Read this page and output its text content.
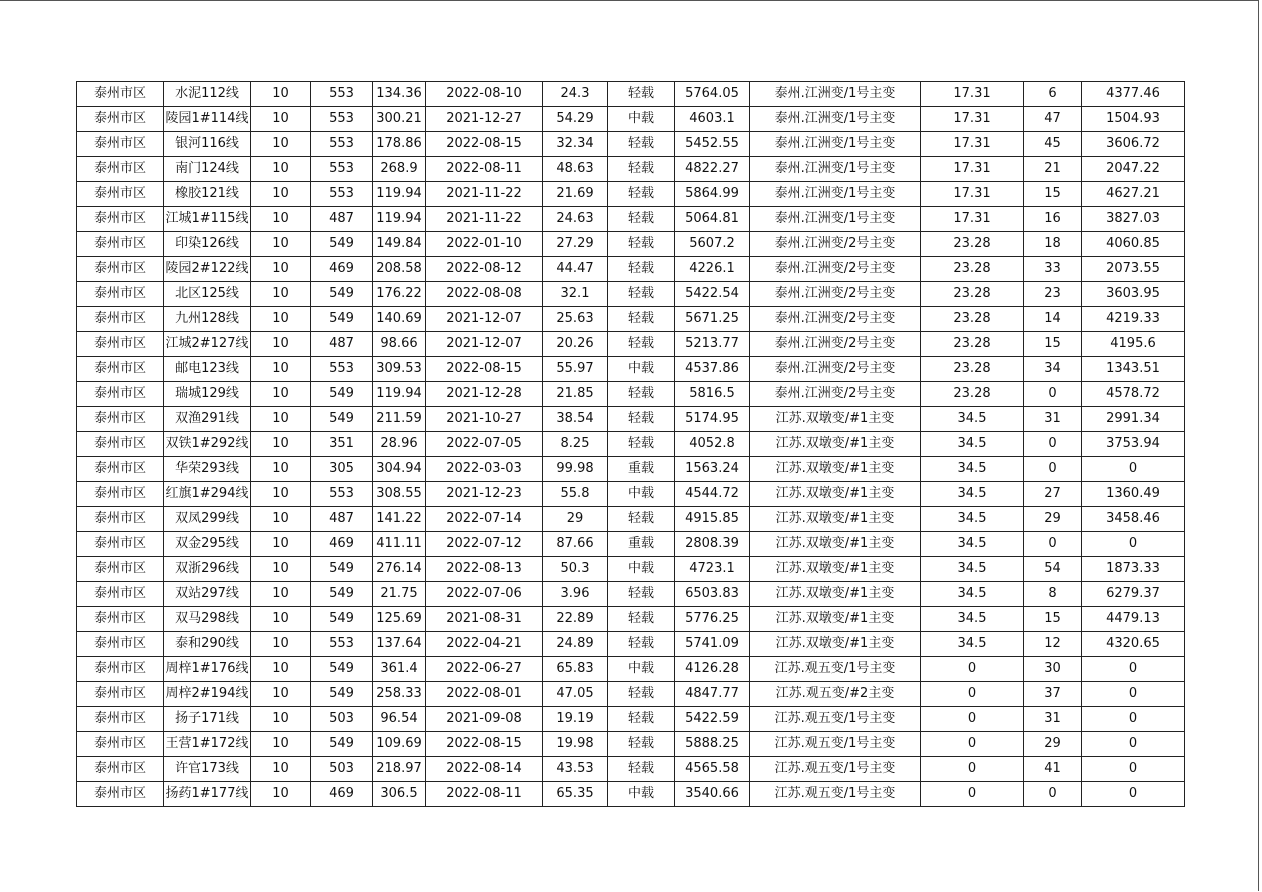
泰州市区	水泥112线	10	553	134.36	2022-08-10	24.3	轻载	5764.05	泰州.江洲变/1号主变	17.31	6	4377.46
泰州市区	陵园1#114线	10	553	300.21	2021-12-27	54.29	中载	4603.1	泰州.江洲变/1号主变	17.31	47	1504.93
泰州市区	银河116线	10	553	178.86	2022-08-15	32.34	轻载	5452.55	泰州.江洲变/1号主变	17.31	45	3606.72
泰州市区	南门124线	10	553	268.9	2022-08-11	48.63	轻载	4822.27	泰州.江洲变/1号主变	17.31	21	2047.22
泰州市区	橡胶121线	10	553	119.94	2021-11-22	21.69	轻载	5864.99	泰州.江洲变/1号主变	17.31	15	4627.21
泰州市区	江城1#115线	10	487	119.94	2021-11-22	24.63	轻载	5064.81	泰州.江洲变/1号主变	17.31	16	3827.03
泰州市区	印染126线	10	549	149.84	2022-01-10	27.29	轻载	5607.2	泰州.江洲变/2号主变	23.28	18	4060.85
泰州市区	陵园2#122线	10	469	208.58	2022-08-12	44.47	轻载	4226.1	泰州.江洲变/2号主变	23.28	33	2073.55
泰州市区	北区125线	10	549	176.22	2022-08-08	32.1	轻载	5422.54	泰州.江洲变/2号主变	23.28	23	3603.95
泰州市区	九州128线	10	549	140.69	2021-12-07	25.63	轻载	5671.25	泰州.江洲变/2号主变	23.28	14	4219.33
泰州市区	江城2#127线	10	487	98.66	2021-12-07	20.26	轻载	5213.77	泰州.江洲变/2号主变	23.28	15	4195.6
泰州市区	邮电123线	10	553	309.53	2022-08-15	55.97	中载	4537.86	泰州.江洲变/2号主变	23.28	34	1343.51
泰州市区	瑞城129线	10	549	119.94	2021-12-28	21.85	轻载	5816.5	泰州.江洲变/2号主变	23.28	0	4578.72
泰州市区	双渔291线	10	549	211.59	2021-10-27	38.54	轻载	5174.95	江苏.双墩变/#1主变	34.5	31	2991.34
泰州市区	双铁1#292线	10	351	28.96	2022-07-05	8.25	轻载	4052.8	江苏.双墩变/#1主变	34.5	0	3753.94
泰州市区	华荣293线	10	305	304.94	2022-03-03	99.98	重载	1563.24	江苏.双墩变/#1主变	34.5	0	0
泰州市区	红旗1#294线	10	553	308.55	2021-12-23	55.8	中载	4544.72	江苏.双墩变/#1主变	34.5	27	1360.49
泰州市区	双凤299线	10	487	141.22	2022-07-14	29	轻载	4915.85	江苏.双墩变/#1主变	34.5	29	3458.46
泰州市区	双金295线	10	469	411.11	2022-07-12	87.66	重载	2808.39	江苏.双墩变/#1主变	34.5	0	0
泰州市区	双浙296线	10	549	276.14	2022-08-13	50.3	中载	4723.1	江苏.双墩变/#1主变	34.5	54	1873.33
泰州市区	双站297线	10	549	21.75	2022-07-06	3.96	轻载	6503.83	江苏.双墩变/#1主变	34.5	8	6279.37
泰州市区	双马298线	10	549	125.69	2021-08-31	22.89	轻载	5776.25	江苏.双墩变/#1主变	34.5	15	4479.13
泰州市区	泰和290线	10	553	137.64	2022-04-21	24.89	轻载	5741.09	江苏.双墩变/#1主变	34.5	12	4320.65
泰州市区	周梓1#176线	10	549	361.4	2022-06-27	65.83	中载	4126.28	江苏.观五变/1号主变	0	30	0
泰州市区	周梓2#194线	10	549	258.33	2022-08-01	47.05	轻载	4847.77	江苏.观五变/#2主变	0	37	0
泰州市区	扬子171线	10	503	96.54	2021-09-08	19.19	轻载	5422.59	江苏.观五变/1号主变	0	31	0
泰州市区	王营1#172线	10	549	109.69	2022-08-15	19.98	轻载	5888.25	江苏.观五变/1号主变	0	29	0
泰州市区	许官173线	10	503	218.97	2022-08-14	43.53	轻载	4565.58	江苏.观五变/1号主变	0	41	0
泰州市区	扬药1#177线	10	469	306.5	2022-08-11	65.35	中载	3540.66	江苏.观五变/1号主变	0	0	0
